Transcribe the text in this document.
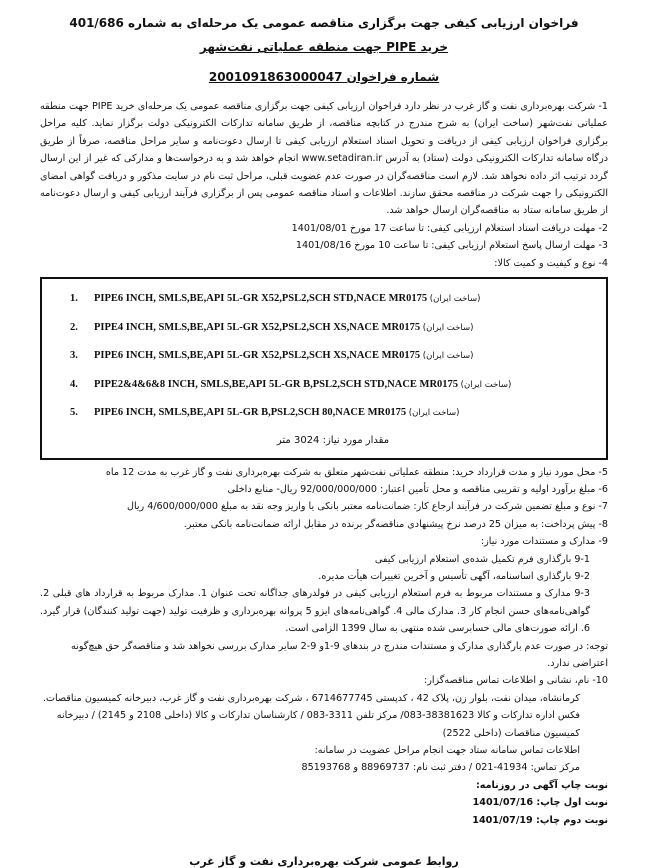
فراخوان ارزیابی کیفی جهت برگزاری مناقصه عمومی یک مرحله‌ای به شماره 401/686
خرید PIPE جهت منطقه عملیاتی نفت‌شهر
شماره فراخوان 2001091863000047

1- شرکت بهره‌برداری نفت و گاز غرب در نظر دارد فراخوان ارزیابی کیفی جهت برگزاری مناقصه عمومی یک مرحله‌ای خرید PIPE جهت منطقه عملیاتی نفت‌شهر (ساخت ایران) به شرح مندرج در کتابچه مناقصه، از طریق سامانه تدارکات الکترونیکی دولت برگزار نماید. کلیه مراحل برگزاری فراخوان ارزیابی کیفی از دریافت و تحویل اسناد استعلام ارزیابی کیفی تا ارسال دعوت‌نامه و سایر مراحل مناقصه، صرفاً از طریق درگاه سامانه تدارکات الکترونیکی دولت (ستاد) به آدرس www.setadiran.ir انجام خواهد شد و به درخواست‌ها و مدارکی که غیر از این ارسال گردد ترتیب اثر داده نخواهد شد. لازم است مناقصه‌گران در صورت عدم عضویت قبلی، مراحل ثبت نام در سایت مذکور و دریافت گواهی امضای الکترونیکی را جهت شرکت در مناقصه محقق سازند. اطلاعات و اسناد مناقصه عمومی پس از برگزاری فرآیند ارزیابی کیفی و ارسال دعوت‌نامه از طریق سامانه ستاد به مناقصه‌گران ارسال خواهد شد.

2- مهلت دریافت اسناد استعلام ارزیابی کیفی: تا ساعت 17 مورخ 1401/08/01
3- مهلت ارسال پاسخ استعلام ارزیابی کیفی: تا ساعت 10 مورخ 1401/08/16
4- نوع و کیفیت و کمیت کالا:
1. PIPE6 INCH, SMLS,BE,API 5L-GR X52,PSL2,SCH STD,NACE MR0175 (ساخت ایران)
2. PIPE4 INCH, SMLS,BE,API 5L-GR X52,PSL2,SCH XS,NACE MR0175 (ساخت ایران)
3. PIPE6 INCH, SMLS,BE,API 5L-GR X52,PSL2,SCH XS,NACE MR0175 (ساخت ایران)
4. PIPE2&4&6&8 INCH, SMLS,BE,API 5L-GR B,PSL2,SCH STD,NACE MR0175 (ساخت ایران)
5. PIPE6 INCH, SMLS,BE,API 5L-GR B,PSL2,SCH 80,NACE MR0175 (ساخت ایران)
مقدار مورد نیاز: 3024 متر
5- محل مورد نیاز و مدت قرارداد خرید: منطقه عملیاتی نفت‌شهر متعلق به شرکت بهره‌برداری نفت و گاز غرب به مدت 12 ماه
6- مبلغ برآورد اولیه و تقریبی مناقصه و محل تأمین اعتبار: 92/000/000/000 ریال- منابع داخلی
7- نوع و مبلغ تضمین شرکت در فرآیند ارجاع کار: ضمانت‌نامه معتبر بانکی یا واریز وجه نقد به مبلغ 4/600/000/000 ریال
8- پیش پرداخت: به میزان 25 درصد نرخ پیشنهادی مناقصه‌گر برنده در مقابل ارائه ضمانت‌نامه بانکی معتبر.
9- مدارک و مستندات مورد نیاز:
9-1 بارگذاری فرم تکمیل شده‌ی استعلام ارزیابی کیفی
9-2 بارگذاری اساسنامه، آگهی تأسیس و آخرین تغییرات هیأت مدیره.

9-3 مدارک و مستندات مربوط به فرم استعلام ارزیابی کیفی در فولدرهای جداگانه تحت عنوان 1. مدارک مربوط به قرارداد های قبلی 2. گواهی‌نامه‌های حسن انجام کار 3. مدارک مالی 4. گواهی‌نامه‌های ایزو 5 پروانه بهره‌برداری و ظرفیت تولید (جهت تولید کنندگان) قرار گیرد. 6. ارائه صورت‌های مالی حسابرسی شده منتهی به سال 1399 الزامی است.

توجه: در صورت عدم بارگذاری مدارک و مستندات مندرج در بندهای 9-1و 9-2 سایر مدارک بررسی نخواهد شد و مناقصه‌گر حق هیچ‌گونه اعتراضی ندارد.
10- نام، نشانی و اطلاعات تماس مناقصه‌گزار:
کرمانشاه، میدان نفت، بلوار زن، پلاک 42 ، کدپستی 6714677745 ، شرکت بهره‌برداری نفت و گاز غرب، دبیرخانه کمیسیون مناقصات.

فکس اداره تدارکات و کالا 38381623-083/ مرکز تلفن 3311-083 / کارشناسان تدارکات و کالا (داخلی 2108 و 2145) / دبیرخانه کمیسیون مناقصات (داخلی 2522)

اطلاعات تماس سامانه ستاد جهت انجام مراحل عضویت در سامانه:
مرکز تماس: 41934-021 / دفتر ثبت نام: 88969737 و 85193768
نوبت چاپ آگهی در روزنامه:
نوبت اول چاپ: 1401/07/16
نوبت دوم چاپ: 1401/07/19
روابط عمومی شرکت بهره‌برداری نفت و گاز غرب
